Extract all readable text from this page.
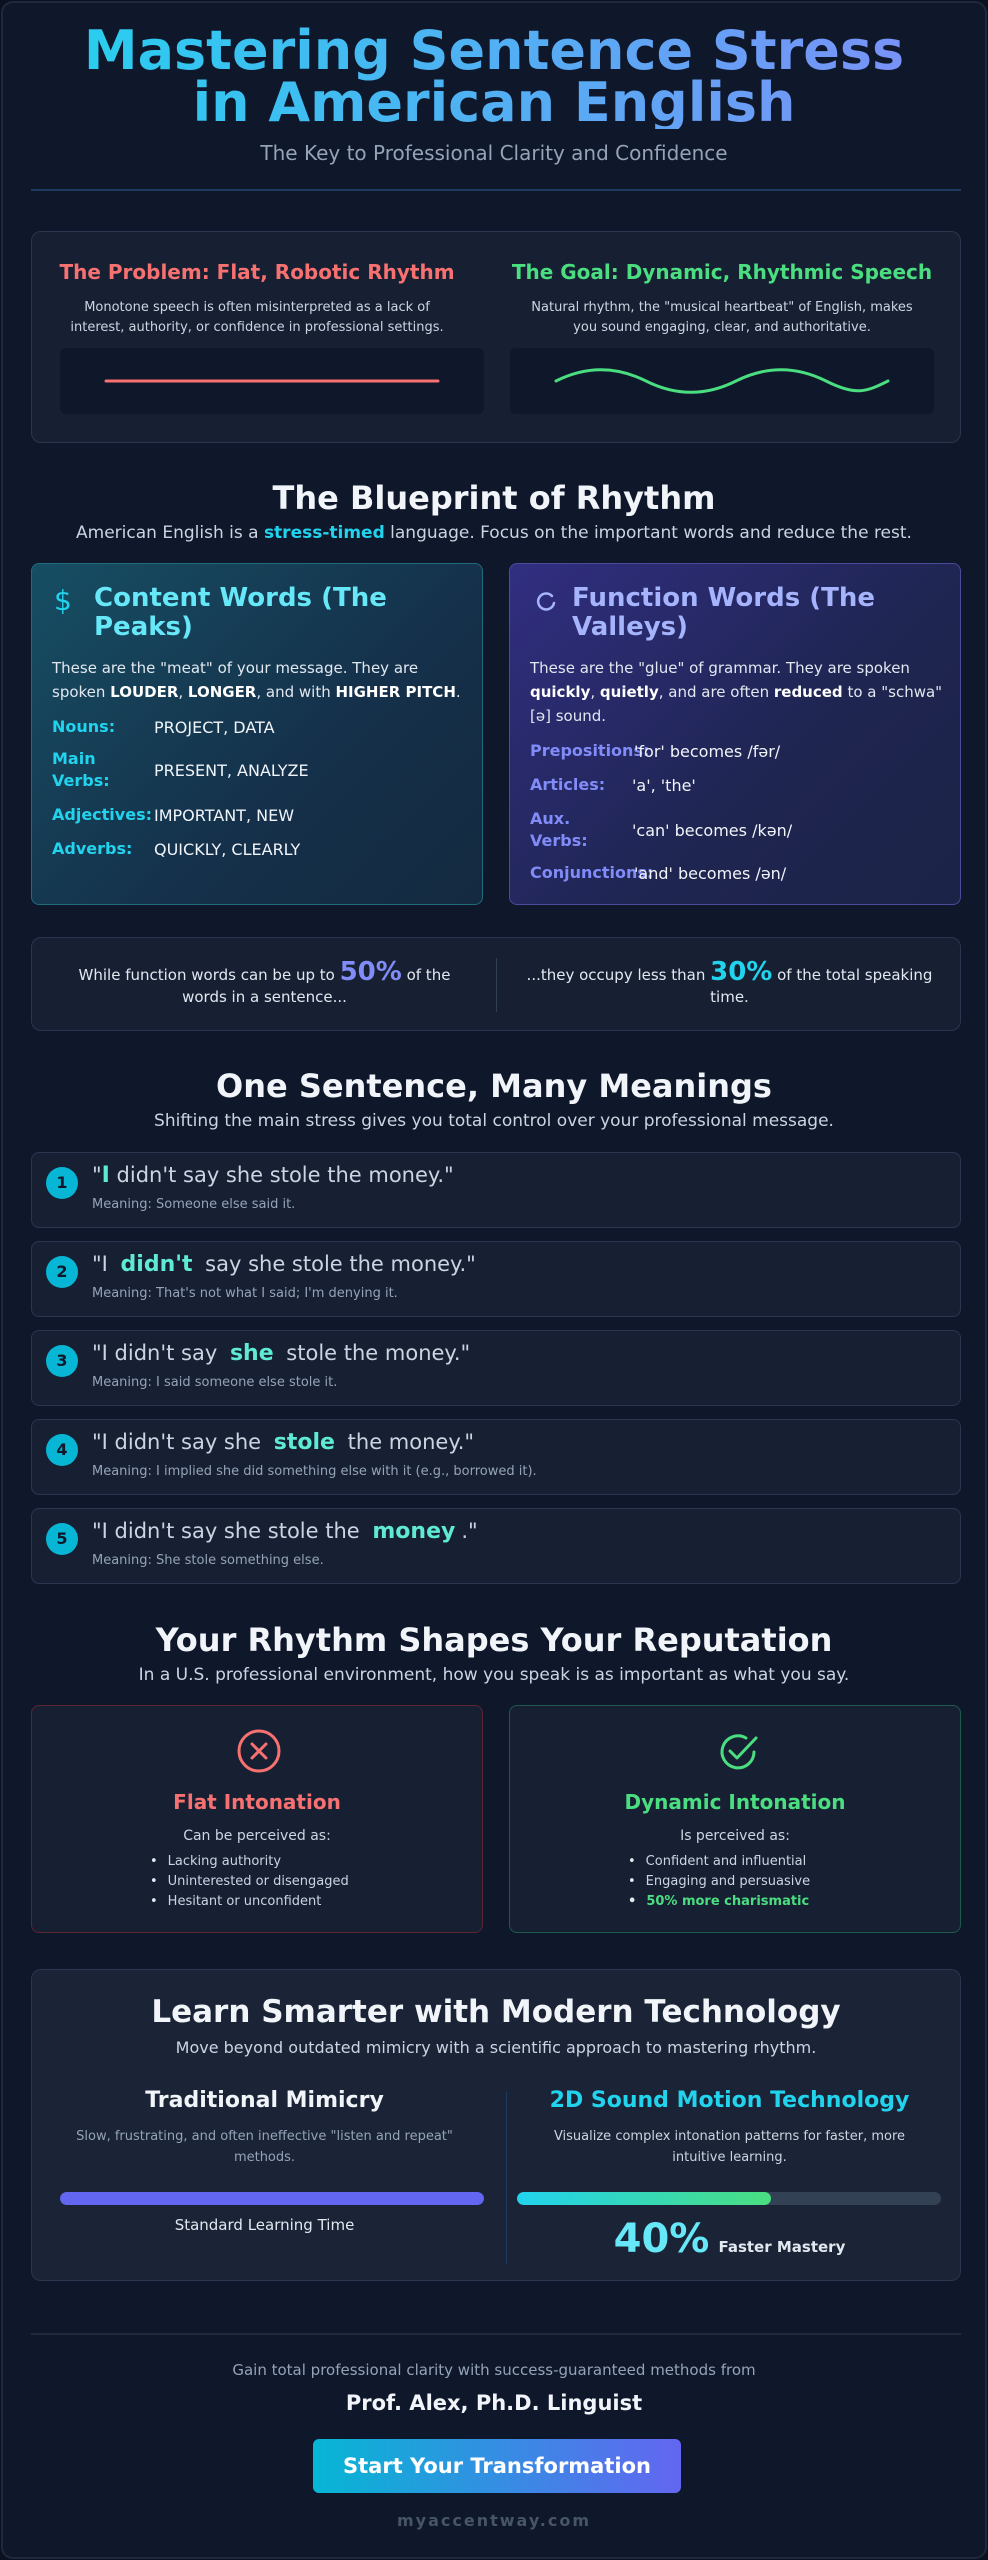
Mastering Sentence Stress in American English
The Key to Professional Clarity and Confidence
The Problem: Flat, Robotic Rhythm
Monotone speech is often misinterpreted as a lack of interest, authority, or confidence in professional settings.
The Goal: Dynamic, Rhythmic Speech
Natural rhythm, the "musical heartbeat" of English, makes you sound engaging, clear, and authoritative.
The Blueprint of Rhythm
American English is a stress-timed language. Focus on the important words and reduce the rest.
$ Content Words (The Peaks)
These are the "meat" of your message. They are spoken LOUDER, LONGER, and with HIGHER PITCH.
Nouns:	PROJECT, DATA
Main Verbs:
PRESENT, ANALYZE
Adjectives: IMPORTANT, NEW
Adverbs:	QUICKLY, CLEARLY
Function Words (The Valleys)
These are the "glue" of grammar. They are spoken quickly, quietly, and are often reduced to a "schwa" [ə] sound.
Prepositions:
'for' becomes /fər/
Articles:	'a', 'the'
Aux. Verbs:
'can' becomes /kən/
Conjunctions:
'and' becomes /ən/
While function words can be up to 50% of the words in a sentence...
...they occupy less than 30% of the total speaking time.
One Sentence, Many Meanings
Shifting the main stress gives you total control over your professional message.
1	"I didn't say she stole the money."
Meaning: Someone else said it.
2	"I didn't say she stole the money."
Meaning: That's not what I said; I'm denying it.
3	"I didn't say she stole the money."
Meaning: I said someone else stole it.
4	"I didn't say she stole the money."
Meaning: I implied she did something else with it (e.g., borrowed it).
5	"I didn't say she stole the money ."
Meaning: She stole something else.
Your Rhythm Shapes Your Reputation
In a U.S. professional environment, how you speak is as important as what you say.
Flat Intonation
Can be perceived as:
• Lacking authority
• Uninterested or disengaged
• Hesitant or unconfident
Dynamic Intonation
Is perceived as:
• Confident and influential
• Engaging and persuasive
• 50% more charismatic
Learn Smarter with Modern Technology
Move beyond outdated mimicry with a scientific approach to mastering rhythm.
Traditional Mimicry
Slow, frustrating, and often ineffective "listen and repeat" methods.
Standard Learning Time
2D Sound Motion Technology
Visualize complex intonation patterns for faster, more intuitive learning.
40% Faster Mastery
Gain total professional clarity with success-guaranteed methods from
Prof. Alex, Ph.D. Linguist
Start Your Transformation
myaccentway.com
